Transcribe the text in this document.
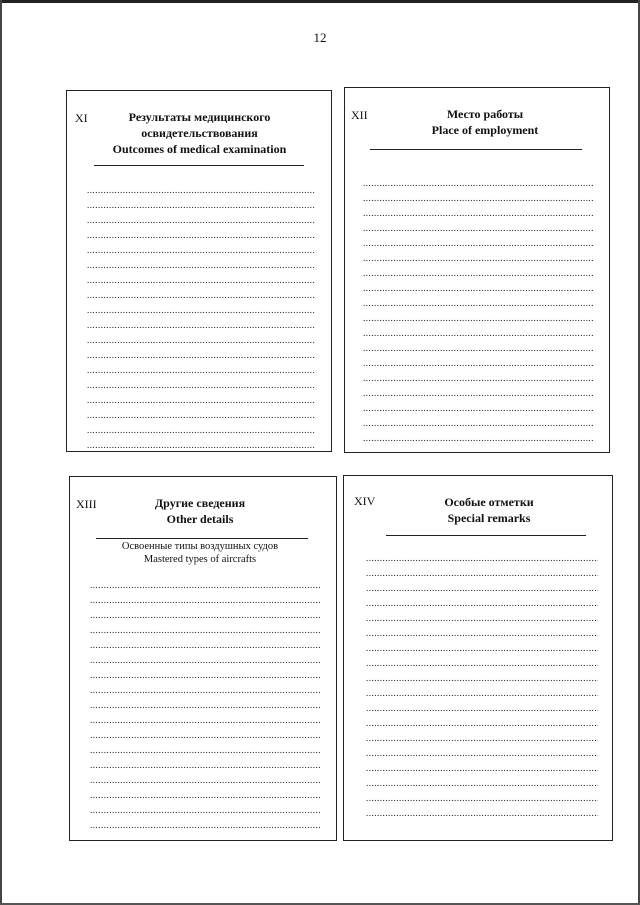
12
XI	Результаты медицинского освидетельствования
Outcomes of medical examination
.....
.....
.....
.....
.....
.....
.....
.....
.....
.....
.....
.....
.....
.....
.....
.....
.....
.....
XII	Место работы
Place of employment
.....
.....
.....
.....
.....
.....
.....
.....
.....
.....
.....
.....
.....
.....
.....
.....
.....
.....
XIII	Другие сведения
Other details
Освоенные типы воздушных судов
Mastered types of aircrafts
.....
.....
.....
.....
.....
.....
.....
.....
.....
.....
.....
.....
.....
.....
.....
.....
.....
XIV	Особые отметки
Special remarks
.....
.....
.....
.....
.....
.....
.....
.....
.....
.....
.....
.....
.....
.....
.....
.....
.....
.....
